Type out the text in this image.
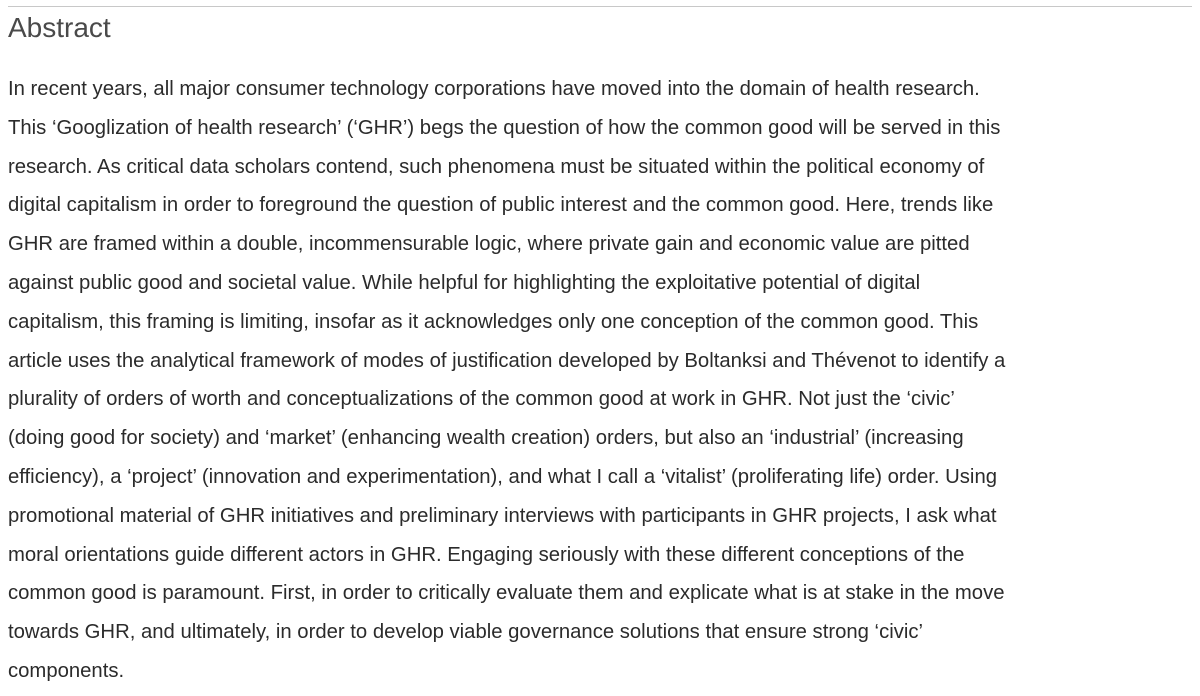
Abstract

In recent years, all major consumer technology corporations have moved into the domain of health research.
This ‘Googlization of health research’ (‘GHR’) begs the question of how the common good will be served in this
research. As critical data scholars contend, such phenomena must be situated within the political economy of
digital capitalism in order to foreground the question of public interest and the common good. Here, trends like
GHR are framed within a double, incommensurable logic, where private gain and economic value are pitted
against public good and societal value. While helpful for highlighting the exploitative potential of digital
capitalism, this framing is limiting, insofar as it acknowledges only one conception of the common good. This
article uses the analytical framework of modes of justification developed by Boltanksi and Thévenot to identify a
plurality of orders of worth and conceptualizations of the common good at work in GHR. Not just the ‘civic’
(doing good for society) and ‘market’ (enhancing wealth creation) orders, but also an ‘industrial’ (increasing
efficiency), a ‘project’ (innovation and experimentation), and what I call a ‘vitalist’ (proliferating life) order. Using
promotional material of GHR initiatives and preliminary interviews with participants in GHR projects, I ask what
moral orientations guide different actors in GHR. Engaging seriously with these different conceptions of the
common good is paramount. First, in order to critically evaluate them and explicate what is at stake in the move
towards GHR, and ultimately, in order to develop viable governance solutions that ensure strong ‘civic’
components.
